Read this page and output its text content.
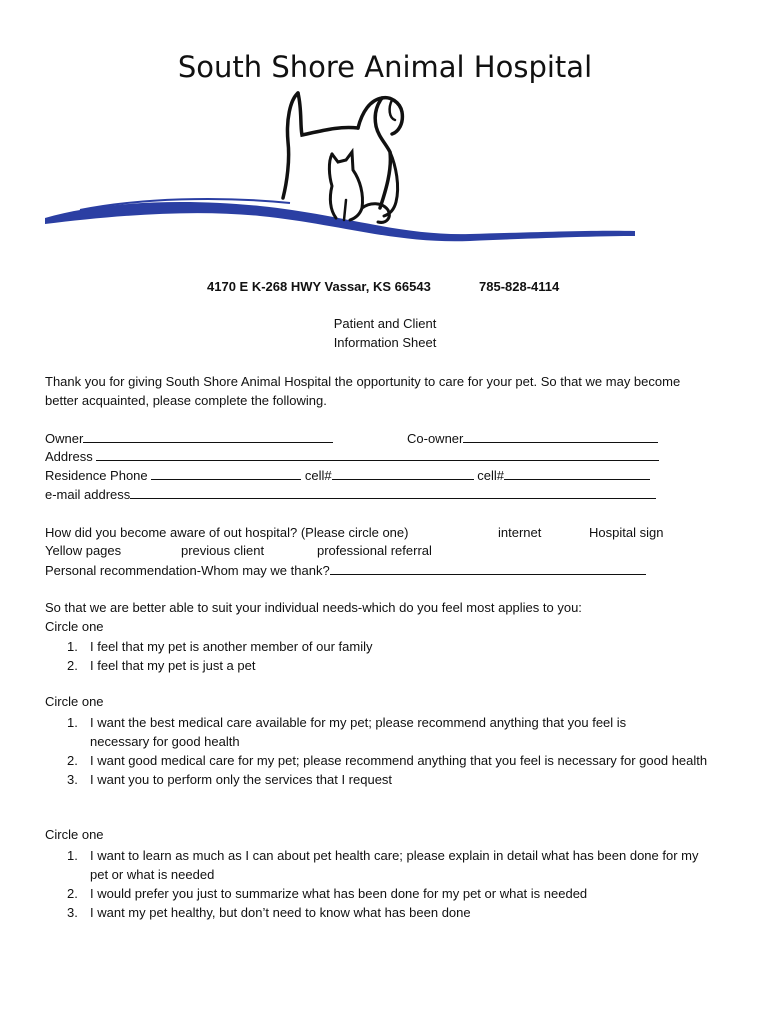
South Shore Animal Hospital
4170 E K-268 HWY Vassar, KS 66543	785-828-4114
Patient and Client
Information Sheet
Thank you for giving South Shore Animal Hospital the opportunity to care for your pet. So that we may become better acquainted, please complete the following.
Owner	Co-owner
Address
Residence Phone	cell#	cell#
e-mail address
How did you become aware of out hospital? (Please circle one)	internet	Hospital sign
Yellow pages	previous client	professional referral
Personal recommendation-Whom may we thank?
So that we are better able to suit your individual needs-which do you feel most applies to you:
Circle one
1. I feel that my pet is another member of our family
2. I feel that my pet is just a pet
Circle one
1. I want the best medical care available for my pet; please recommend anything that you feel is necessary for good health
2. I want good medical care for my pet; please recommend anything that you feel is necessary for good health
3. I want you to perform only the services that I request
Circle one
1. I want to learn as much as I can about pet health care; please explain in detail what has been done for my pet or what is needed
2. I would prefer you just to summarize what has been done for my pet or what is needed
3. I want my pet healthy, but don’t need to know what has been done
